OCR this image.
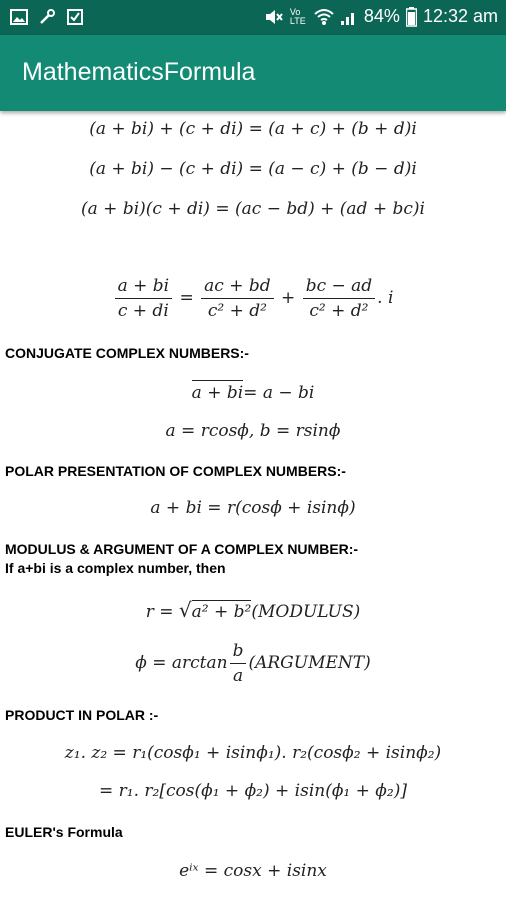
Vo LTE	84% 12:32 am
MathematicsFormula
(a + bi) + (c + di) = (a + c) + (b + d)i
(a + bi) − (c + di) = (a − c) + (b − d)i
(a + bi)(c + di) = (ac − bd) + (ad + bc)i
$\frac{a + bi}{c + di} = \frac{ac + bd}{\text{c² + d²}} + \frac{bc - ad}{\text{c² + d²}}$ . i
CONJUGATE COMPLEX NUMBERS:-
a + bi= a − bi
a = rcosϕ, b = rsinϕ
POLAR PRESENTATION OF COMPLEX NUMBERS:-
a + bi = r(cosϕ + isinϕ)
MODULUS & ARGUMENT OF A COMPLEX NUMBER:-
If a+bi is a complex number, then
r = √a² + b²(MODULUS)
$\phi = \arctan \frac{b}{a}$ (ARGUMENT)
PRODUCT IN POLAR :-
z₁. z₂ = r₁(cosϕ₁ + isinϕ₁). r₂(cosϕ₂ + isinϕ₂)
= r₁. r₂[cos(ϕ₁ + ϕ₂) + isin(ϕ₁ + ϕ₂)]
EULER's Formula
eⁱˣ = cosx + isinx
